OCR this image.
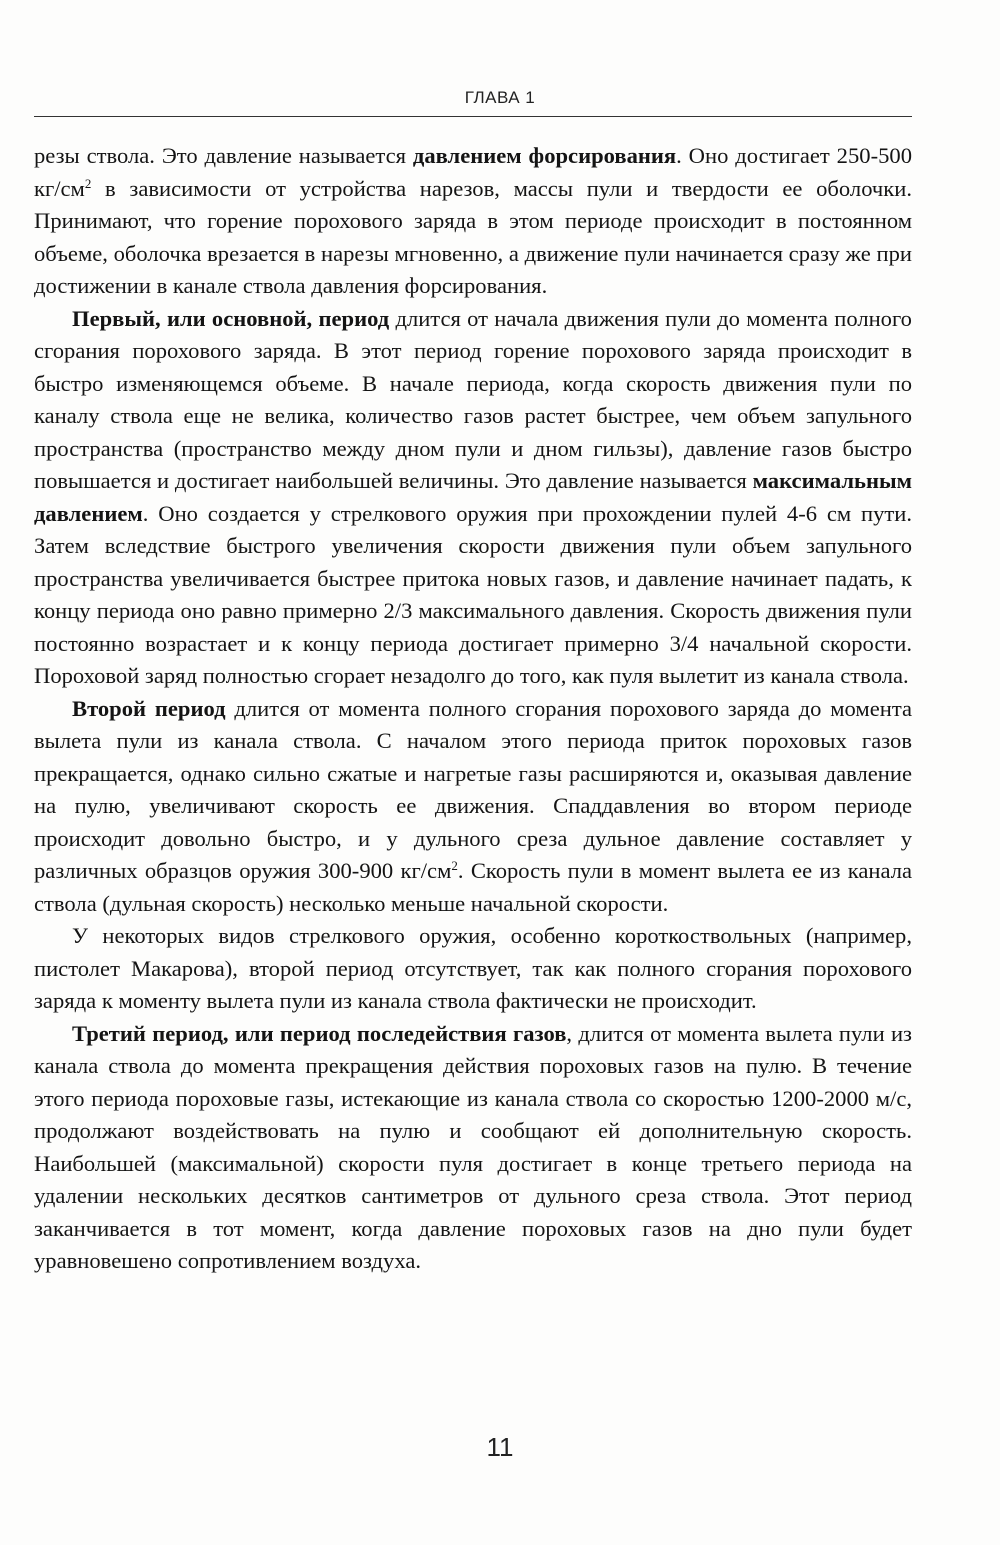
ГЛАВА 1

резы ствола. Это давление называется давлением форсирования. Оно достигает 250-500 $кг/см^2$ в зависимости от устройства нарезов, массы пули и твердости ее оболочки. Принимают, что горение порохового заряда в этом периоде происходит в постоянном объеме, оболочка врезается в нарезы мгновенно, а движение пули начинается сразу же при достижении в канале ствола давления форсирования.

Первый, или основной, период длится от начала движения пули до момента полного сгорания порохового заряда. В этот период горение порохового заряда происходит в быстро изменяющемся объеме. В начале периода, когда скорость движения пули по каналу ствола еще не велика, количество газов растет быстрее, чем объем запульного пространства (пространство между дном пули и дном гильзы), давление газов быстро повышается и достигает наибольшей величины. Это давление называется максимальным давлением. Оно создается у стрелкового оружия при прохождении пулей 4-6 см пути. Затем вследствие быстрого увеличения скорости движения пули объем запульного пространства увеличивается быстрее притока новых газов, и давление начинает падать, к концу периода оно равно примерно 2/3 максимального давления. Скорость движения пули постоянно возрастает и к концу периода достигает примерно 3/4 начальной скорости. Пороховой заряд полностью сгорает незадолго до того, как пуля вылетит из канала ствола.

Второй период длится от момента полного сгорания порохового заряда до момента вылета пули из канала ствола. С началом этого периода приток пороховых газов прекращается, однако сильно сжатые и нагретые газы расширяются и, оказывая давление на пулю, увеличивают скорость ее движения. Спаддавления во втором периоде происходит довольно быстро, и у дульного среза дульное давление составляет у различных образцов оружия 300-900 $кг/см^2$. Скорость пули в момент вылета ее из канала ствола (дульная скорость) несколько меньше начальной скорости.

У некоторых видов стрелкового оружия, особенно короткоствольных (например, пистолет Макарова), второй период отсутствует, так как полного сгорания порохового заряда к моменту вылета пули из канала ствола фактически не происходит.

Третий период, или период последействия газов, длится от момента вылета пули из канала ствола до момента прекращения действия пороховых газов на пулю. В течение этого периода пороховые газы, истекающие из канала ствола со скоростью 1200-2000 м/с, продолжают воздействовать на пулю и сообщают ей дополнительную скорость. Наибольшей (максимальной) скорости пуля достигает в конце третьего периода на удалении нескольких десятков сантиметров от дульного среза ствола. Этот период заканчивается в тот момент, когда давление пороховых газов на дно пули будет уравновешено сопротивлением воздуха.

11
